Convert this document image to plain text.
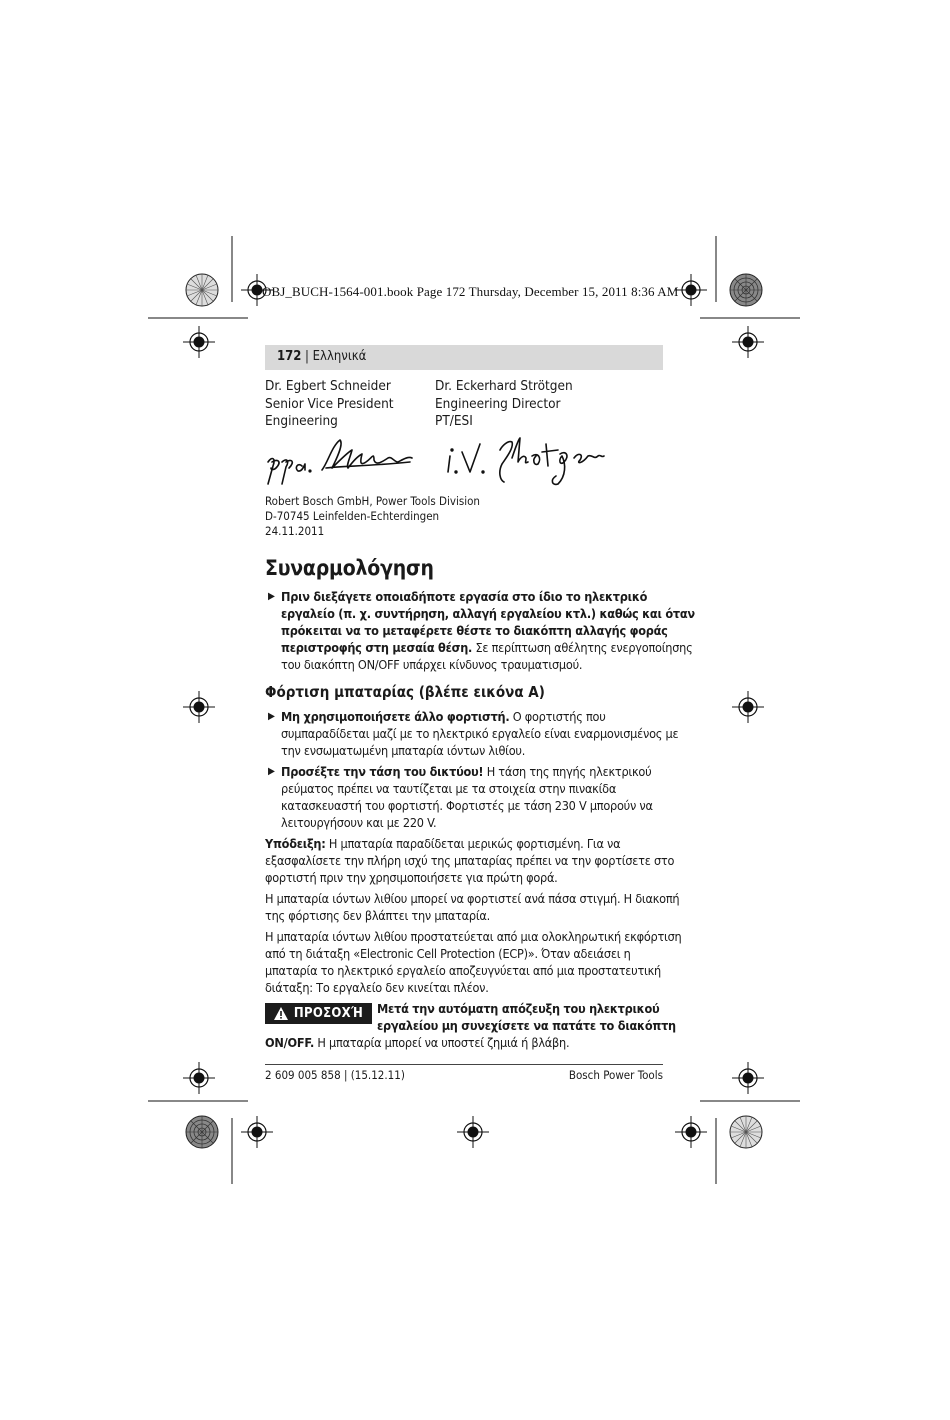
OBJ_BUCH-1564-001.book Page 172 Thursday, December 15, 2011 8:36 AM
172 | Ελληνικά
Dr. Egbert Schneider
Senior Vice President
Engineering
Dr. Eckerhard Strötgen
Engineering Director
PT/ESI
Robert Bosch GmbH, Power Tools Division
D-70745 Leinfelden-Echterdingen
24.11.2011
Συναρμολόγηση
▶ Πριν διεξάγετε οποιαδήποτε εργασία στο ίδιο το ηλεκτρικό
εργαλείο (π. χ. συντήρηση, αλλαγή εργαλείου κτλ.) καθώς και όταν
πρόκειται να το μεταφέρετε θέστε το διακόπτη αλλαγής φοράς
περιστροφής στη μεσαία θέση. Σε περίπτωση αθέλητης ενεργοποίησης
του διακόπτη ON/OFF υπάρχει κίνδυνος τραυματισμού.
Φόρτιση μπαταρίας (βλέπε εικόνα A)
▶ Μη χρησιμοποιήσετε άλλο φορτιστή. Ο φορτιστής που
συμπαραδίδεται μαζί με το ηλεκτρικό εργαλείο είναι εναρμονισμένος με
την ενσωματωμένη μπαταρία ιόντων λιθίου.
▶ Προσέξτε την τάση του δικτύου! Η τάση της πηγής ηλεκτρικού
ρεύματος πρέπει να ταυτίζεται με τα στοιχεία στην πινακίδα
κατασκευαστή του φορτιστή. Φορτιστές με τάση 230 V μπορούν να
λειτουργήσουν και με 220 V.
Υπόδειξη: Η μπαταρία παραδίδεται μερικώς φορτισμένη. Για να
εξασφαλίσετε την πλήρη ισχύ της μπαταρίας πρέπει να την φορτίσετε στο
φορτιστή πριν την χρησιμοποιήσετε για πρώτη φορά.
Η μπαταρία ιόντων λιθίου μπορεί να φορτιστεί ανά πάσα στιγμή. Η διακοπή
της φόρτισης δεν βλάπτει την μπαταρία.
Η μπαταρία ιόντων λιθίου προστατεύεται από μια ολοκληρωτική εκφόρτιση
από τη διάταξη «Electronic Cell Protection (ECP)». Όταν αδειάσει η
μπαταρία το ηλεκτρικό εργαλείο αποζευγνύεται από μια προστατευτική
διάταξη: Το εργαλείο δεν κινείται πλέον.
ΠΡΟΣΟΧΉ Μετά την αυτόματη απόζευξη του ηλεκτρικού
εργαλείου μη συνεχίσετε να πατάτε το διακόπτη
ON/OFF. Η μπαταρία μπορεί να υποστεί ζημιά ή βλάβη.
2 609 005 858 | (15.12.11)	Bosch Power Tools
